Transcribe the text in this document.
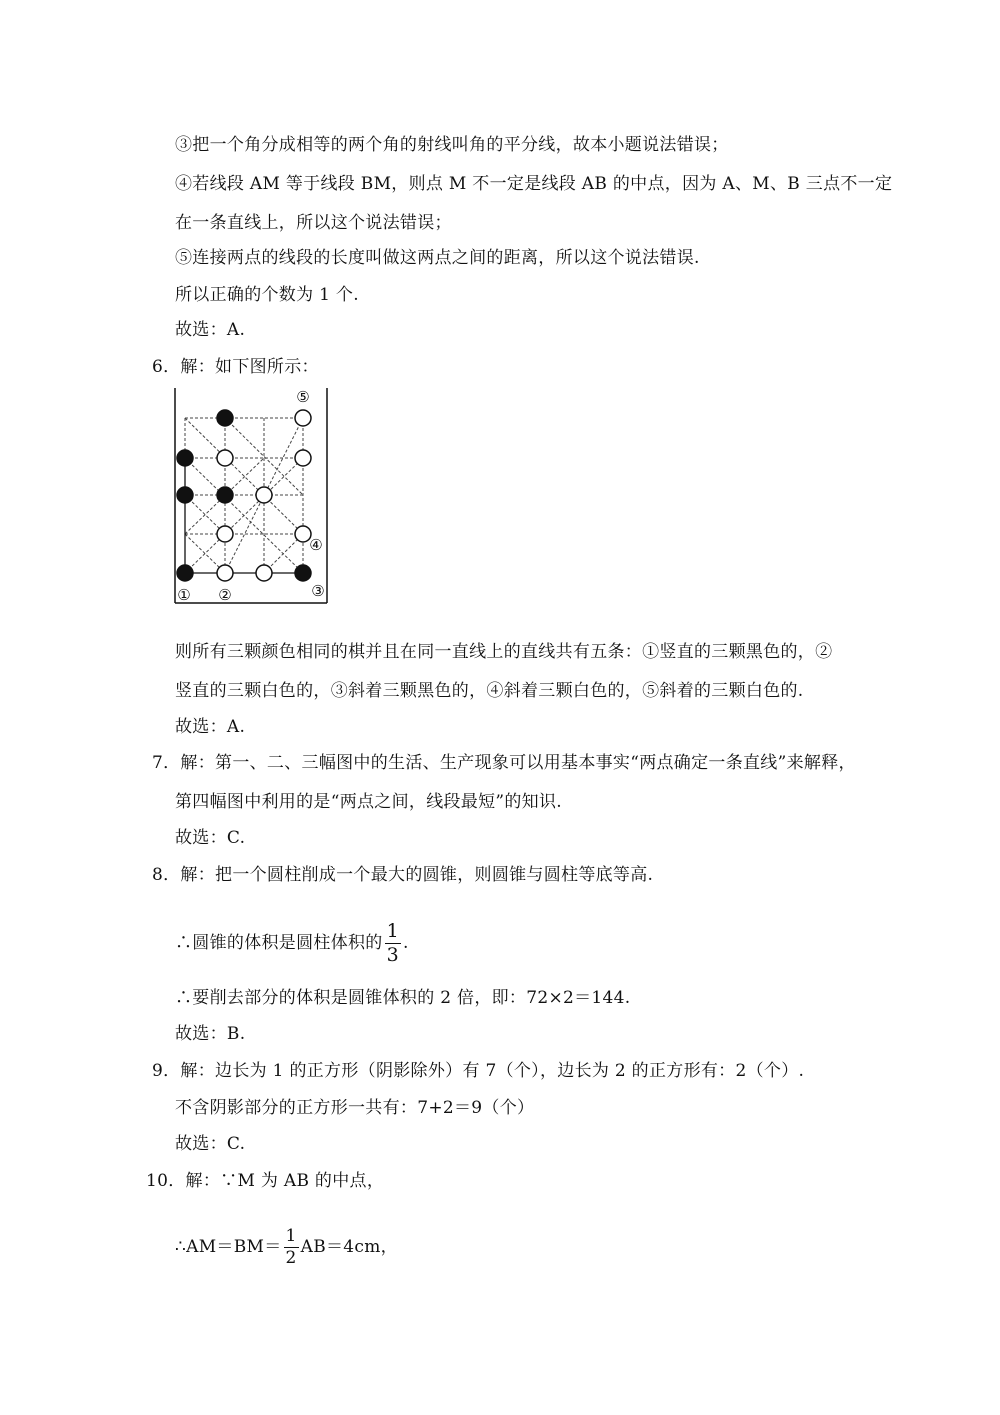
③把一个角分成相等的两个角的射线叫角的平分线，故本小题说法错误；
④若线段 AM 等于线段 BM，则点 M 不一定是线段 AB 的中点，因为 A、M、B 三点不一定
在一条直线上，所以这个说法错误；
⑤连接两点的线段的长度叫做这两点之间的距离，所以这个说法错误.
所以正确的个数为 1 个.
故选：A.
6．解：如下图所示：
① ②	③
④
⑤
则所有三颗颜色相同的棋并且在同一直线上的直线共有五条：①竖直的三颗黑色的，②
竖直的三颗白色的，③斜着三颗黑色的，④斜着三颗白色的，⑤斜着的三颗白色的.
故选：A.
7．解：第一、二、三幅图中的生活、生产现象可以用基本事实“两点确定一条直线”来解释，
第四幅图中利用的是“两点之间，线段最短”的知识.
故选：C.
8．解：把一个圆柱削成一个最大的圆锥，则圆锥与圆柱等底等高.
∴圆锥的体积是圆柱体积的 $\frac{1}{3}$ .
∴要削去部分的体积是圆锥体积的 2 倍，即：72×2＝144.
故选：B.
9．解：边长为 1 的正方形（阴影除外）有 7（个），边长为 2 的正方形有：2（个）.
不含阴影部分的正方形一共有：7+2＝9（个）
故选：C.
10．解：∵M 为 AB 的中点，
∴AM＝BM＝ $\frac{1}{2} AB=4cm$，
